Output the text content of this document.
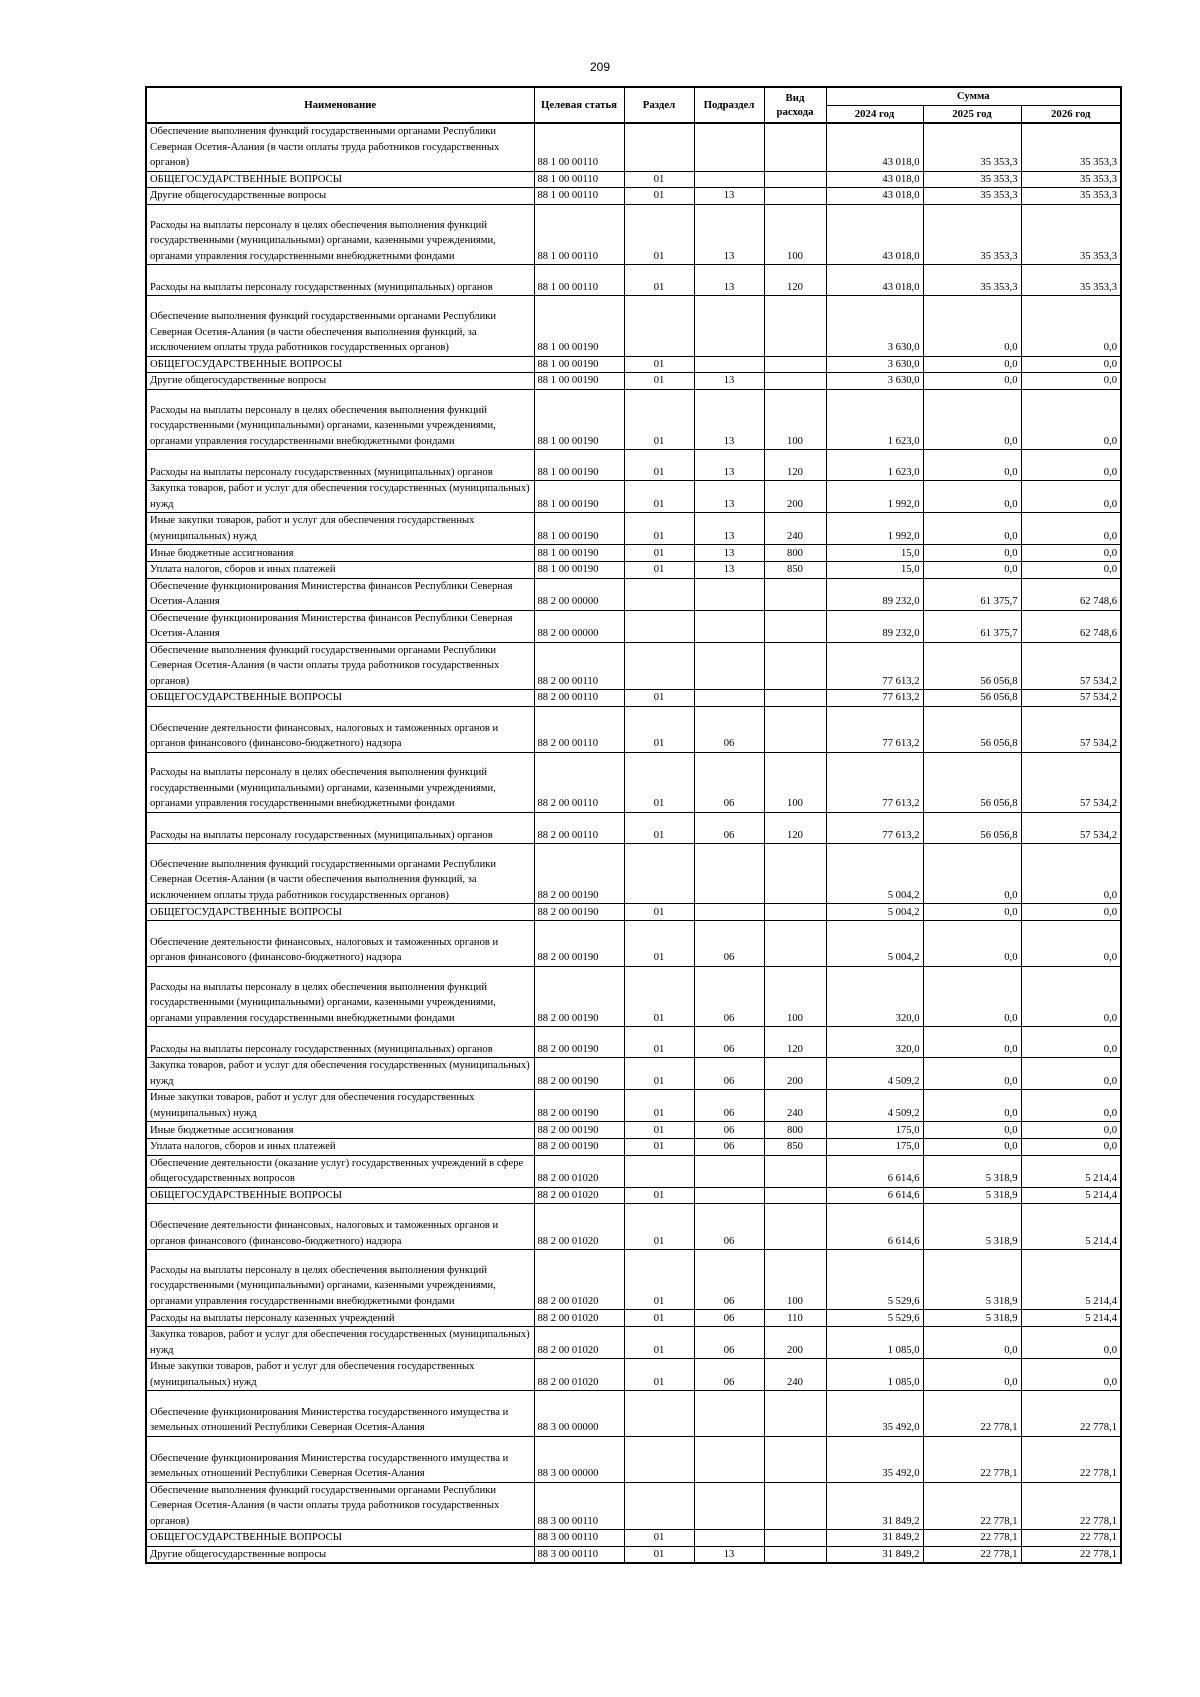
209
Наименование	Целевая статья	Раздел	Подраздел	Вид расхода	Сумма		
					2024 год	2025 год	2026 год
Обеспечение выполнения функций государственными органами Республики Северная Осетия-Алания (в части оплаты труда работников государственных органов)	88 1 00 00110				43 018,0	35 353,3	35 353,3
ОБЩЕГОСУДАРСТВЕННЫЕ ВОПРОСЫ	88 1 00 00110	01			43 018,0	35 353,3	35 353,3
Другие общегосударственные вопросы	88 1 00 00110	01	13		43 018,0	35 353,3	35 353,3
Расходы на выплаты персоналу в целях обеспечения выполнения функций государственными (муниципальными) органами, казенными учреждениями, органами управления государственными внебюджетными фондами	88 1 00 00110	01	13	100	43 018,0	35 353,3	35 353,3
Расходы на выплаты персоналу государственных (муниципальных) органов	88 1 00 00110	01	13	120	43 018,0	35 353,3	35 353,3
Обеспечение выполнения функций государственными органами Республики Северная Осетия-Алания (в части обеспечения выполнения функций, за исключением оплаты труда работников государственных органов)	88 1 00 00190				3 630,0	0,0	0,0
ОБЩЕГОСУДАРСТВЕННЫЕ ВОПРОСЫ	88 1 00 00190	01			3 630,0	0,0	0,0
Другие общегосударственные вопросы	88 1 00 00190	01	13		3 630,0	0,0	0,0
Расходы на выплаты персоналу в целях обеспечения выполнения функций государственными (муниципальными) органами, казенными учреждениями, органами управления государственными внебюджетными фондами	88 1 00 00190	01	13	100	1 623,0	0,0	0,0
Расходы на выплаты персоналу государственных (муниципальных) органов	88 1 00 00190	01	13	120	1 623,0	0,0	0,0
Закупка товаров, работ и услуг для обеспечения государственных (муниципальных) нужд	88 1 00 00190	01	13	200	1 992,0	0,0	0,0
Иные закупки товаров, работ и услуг для обеспечения государственных (муниципальных) нужд	88 1 00 00190	01	13	240	1 992,0	0,0	0,0
Иные бюджетные ассигнования	88 1 00 00190	01	13	800	15,0	0,0	0,0
Уплата налогов, сборов и иных платежей	88 1 00 00190	01	13	850	15,0	0,0	0,0
Обеспечение функционирования Министерства финансов Республики Северная Осетия-Алания	88 2 00 00000				89 232,0	61 375,7	62 748,6
Обеспечение функционирования Министерства финансов Республики Северная Осетия-Алания	88 2 00 00000				89 232,0	61 375,7	62 748,6
Обеспечение выполнения функций государственными органами Республики Северная Осетия-Алания (в части оплаты труда работников государственных органов)	88 2 00 00110				77 613,2	56 056,8	57 534,2
ОБЩЕГОСУДАРСТВЕННЫЕ ВОПРОСЫ	88 2 00 00110	01			77 613,2	56 056,8	57 534,2
Обеспечение деятельности финансовых, налоговых и таможенных органов и органов финансового (финансово-бюджетного) надзора	88 2 00 00110	01	06		77 613,2	56 056,8	57 534,2
Расходы на выплаты персоналу в целях обеспечения выполнения функций государственными (муниципальными) органами, казенными учреждениями, органами управления государственными внебюджетными фондами	88 2 00 00110	01	06	100	77 613,2	56 056,8	57 534,2
Расходы на выплаты персоналу государственных (муниципальных) органов	88 2 00 00110	01	06	120	77 613,2	56 056,8	57 534,2
Обеспечение выполнения функций государственными органами Республики Северная Осетия-Алания (в части обеспечения выполнения функций, за исключением оплаты труда работников государственных органов)	88 2 00 00190				5 004,2	0,0	0,0
ОБЩЕГОСУДАРСТВЕННЫЕ ВОПРОСЫ	88 2 00 00190	01			5 004,2	0,0	0,0
Обеспечение деятельности финансовых, налоговых и таможенных органов и органов финансового (финансово-бюджетного) надзора	88 2 00 00190	01	06		5 004,2	0,0	0,0
Расходы на выплаты персоналу в целях обеспечения выполнения функций государственными (муниципальными) органами, казенными учреждениями, органами управления государственными внебюджетными фондами	88 2 00 00190	01	06	100	320,0	0,0	0,0
Расходы на выплаты персоналу государственных (муниципальных) органов	88 2 00 00190	01	06	120	320,0	0,0	0,0
Закупка товаров, работ и услуг для обеспечения государственных (муниципальных) нужд	88 2 00 00190	01	06	200	4 509,2	0,0	0,0
Иные закупки товаров, работ и услуг для обеспечения государственных (муниципальных) нужд	88 2 00 00190	01	06	240	4 509,2	0,0	0,0
Иные бюджетные ассигнования	88 2 00 00190	01	06	800	175,0	0,0	0,0
Уплата налогов, сборов и иных платежей	88 2 00 00190	01	06	850	175,0	0,0	0,0
Обеспечение деятельности (оказание услуг) государственных учреждений в сфере общегосударственных вопросов	88 2 00 01020				6 614,6	5 318,9	5 214,4
ОБЩЕГОСУДАРСТВЕННЫЕ ВОПРОСЫ	88 2 00 01020	01			6 614,6	5 318,9	5 214,4
Обеспечение деятельности финансовых, налоговых и таможенных органов и органов финансового (финансово-бюджетного) надзора	88 2 00 01020	01	06		6 614,6	5 318,9	5 214,4
Расходы на выплаты персоналу в целях обеспечения выполнения функций государственными (муниципальными) органами, казенными учреждениями, органами управления государственными внебюджетными фондами	88 2 00 01020	01	06	100	5 529,6	5 318,9	5 214,4
Расходы на выплаты персоналу казенных учреждений	88 2 00 01020	01	06	110	5 529,6	5 318,9	5 214,4
Закупка товаров, работ и услуг для обеспечения государственных (муниципальных) нужд	88 2 00 01020	01	06	200	1 085,0	0,0	0,0
Иные закупки товаров, работ и услуг для обеспечения государственных (муниципальных) нужд	88 2 00 01020	01	06	240	1 085,0	0,0	0,0
Обеспечение функционирования Министерства государственного имущества и земельных отношений Республики Северная Осетия-Алания	88 3 00 00000				35 492,0	22 778,1	22 778,1
Обеспечение функционирования Министерства государственного имущества и земельных отношений Республики Северная Осетия-Алания	88 3 00 00000				35 492,0	22 778,1	22 778,1
Обеспечение выполнения функций государственными органами Республики Северная Осетия-Алания (в части оплаты труда работников государственных органов)	88 3 00 00110				31 849,2	22 778,1	22 778,1
ОБЩЕГОСУДАРСТВЕННЫЕ ВОПРОСЫ	88 3 00 00110	01			31 849,2	22 778,1	22 778,1
Другие общегосударственные вопросы	88 3 00 00110	01	13		31 849,2	22 778,1	22 778,1
